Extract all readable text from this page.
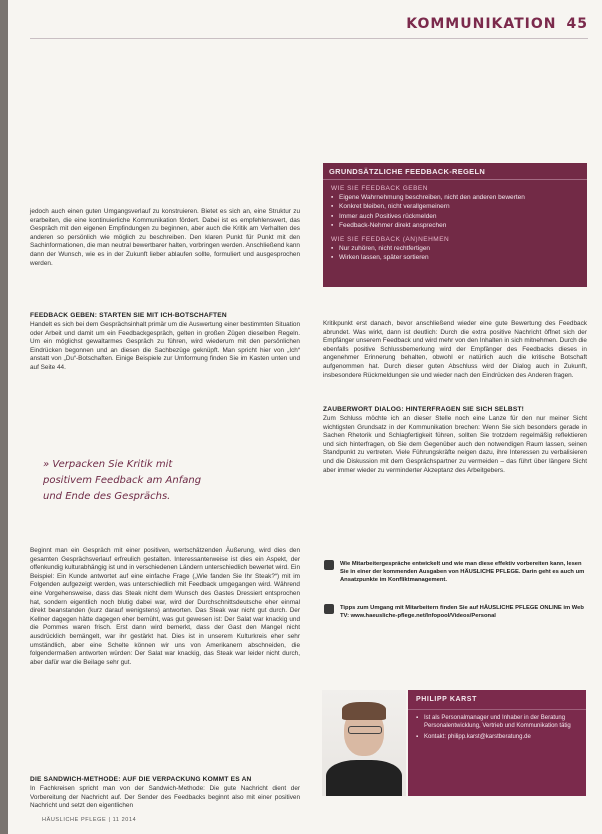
KOMMUNIKATION 45

jedoch auch einen guten Umgangsverlauf zu konstruieren. Bietet es sich an, eine Struktur zu erarbeiten, die eine kontinuierliche Kommunikation fördert. Dabei ist es empfehlenswert, das Gespräch mit den eigenen Empfindungen zu beginnen, aber auch die Kritik am Verhalten des anderen so persönlich wie möglich zu beschreiben. Den klaren Punkt für Punkt mit den Sachinformationen, die man neutral bewertbarer halten, vorbringen werden. Anschließend kann dann der Wunsch, wie es in der Zukunft lieber ablaufen sollte, formuliert und ausgesprochen werden.

FEEDBACK GEBEN: STARTEN SIE MIT ICH-BOTSCHAFTEN

Handelt es sich bei dem Gesprächsinhalt primär um die Auswertung einer bestimmten Situation oder Arbeit und damit um ein Feedbackgespräch, gelten in großen Zügen dieselben Regeln. Um ein möglichst gewaltarmes Gespräch zu führen, wird wiederum mit den persönlichen Eindrücken begonnen und an diesen die Sachbezüge geknüpft. Man spricht hier von „Ich“ anstatt von „Du“-Botschaften. Einige Beispiele zur Umformung finden Sie im Kasten unten und auf Seite 44.

GRUNDSÄTZLICHE FEEDBACK-REGELN
WIE SIE FEEDBACK GEBEN
▪ Eigene Wahrnehmung beschreiben, nicht den anderen bewerten
▪ Konkret bleiben, nicht verallgemeinern
▪ Immer auch Positives rückmelden
▪ Feedback-Nehmer direkt ansprechen
WIE SIE FEEDBACK (AN)NEHMEN
▪ Nur zuhören, nicht rechtfertigen
▪ Wirken lassen, später sortieren

Kritikpunkt erst danach, bevor anschließend wieder eine gute Bewertung des Feedback abrundet. Was wirkt, dann ist deutlich: Durch die extra positive Nachricht öffnet sich der Empfänger unserem Feedback und wird mehr von den Inhalten in sich mitnehmen. Durch die ebenfalls positive Schlussbemerkung wird der Empfänger des Feedbacks dieses in angenehmer Erinnerung behalten, obwohl er natürlich auch die kritische Botschaft aufgenommen hat. Durch dieser guten Abschluss wird der Dialog auch in Zukunft, insbesondere Rückmeldungen sie und wieder nach den Eindrücken des Anderen fragen.

ZAUBERWORT DIALOG: HINTERFRAGEN SIE SICH SELBST!

Zum Schluss möchte ich an dieser Stelle noch eine Lanze für den nur meiner Sicht wichtigsten Grundsatz in der Kommunikation brechen: Wenn Sie sich besonders gerade in Sachen Rhetorik und Schlagfertigkeit führen, sollten Sie trotzdem regelmäßig reflektieren und sich hinterfragen, ob Sie dem Gegenüber auch den notwendigen Raum lassen, seinen Standpunkt zu vertreten. Viele Führungskräfte neigen dazu, ihre Interessen zu verbalisieren und die Diskussion mit dem Gesprächspartner zu vermeiden – das führt über längere Sicht aber immer wieder zu verminderter Akzeptanz des Arbeitgebers.

» Verpacken Sie Kritik mit positivem Feedback am Anfang und Ende des Gesprächs.

Beginnt man ein Gespräch mit einer positiven, wertschätzenden Äußerung, wird dies den gesamten Gesprächsverlauf erfreulich gestalten. Interessanterweise ist dies ein Aspekt, der offenkundig kulturabhängig ist und in verschiedenen Ländern unterschiedlich bewertet wird. Ein Beispiel: Ein Kunde antwortet auf eine einfache Frage („Wie fanden Sie Ihr Steak?“) mit im Folgenden aufgezeigt werden, was unterschiedlich mit Feedback umgegangen wird. Während eine Vorgehensweise, dass das Steak nicht dem Wunsch des Gastes Dressiert entsprochen hat, sondern eigentlich noch blutig dabei war, wird der Durchschnittsdeutsche eher einmal direkt beanstanden (kurz darauf wenigstens) antworten. Das Steak war nicht gut durch. Der Kellner dagegen hätte dagegen eher bemüht, was gut gewesen ist: Der Salat war knackig und die Pommes waren frisch. Erst dann wird bemerkt, dass der Gast den Mangel nicht ausdrücklich bemängelt, war ihr gestärkt hat. Dies ist in unserem Kulturkreis eher sehr umständlich, aber eine Schelte können wir uns von Amerikanern abschneiden, die folgendermaßen antworten würden: Der Salat war knackig, das Steak war leider nicht durch, aber dafür war die Beilage sehr gut.

DIE SANDWICH-METHODE: AUF DIE VERPACKUNG KOMMT ES AN

In Fachkreisen spricht man von der Sandwich-Methode: Die gute Nachricht dient der Vorbereitung der Nachricht auf. Der Sender des Feedbacks beginnt also mit einer positiven Nachricht und setzt den eigentlichen

Wie Mitarbeitergespräche entwickelt und wie man diese effektiv vorbereiten kann, lesen Sie in einer der kommenden Ausgaben von HÄUSLICHE PFLEGE. Darin geht es auch um Ansatzpunkte im Konfliktmanagement.
Tipps zum Umgang mit Mitarbeitern finden Sie auf HÄUSLICHE PFLEGE ONLINE im Web TV: www.haeusliche-pflege.net/Infopool/Videos/Personal
PHILIPP KARST
▪ Ist als Personalmanager und Inhaber in der Beratung Personalentwicklung, Vertrieb und Kommunikation tätig
▪ Kontakt: philipp.karst@karstberatung.de
HÄUSLICHE PFLEGE | 11 2014
